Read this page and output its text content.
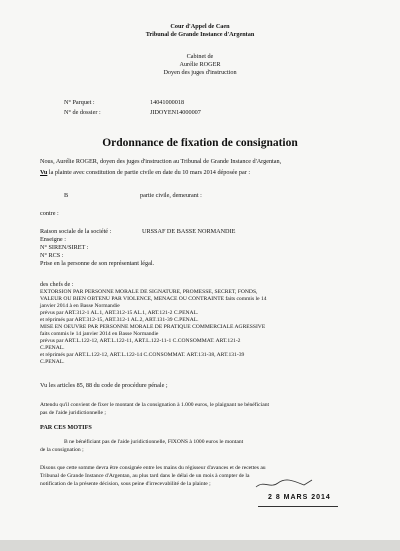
Cour d'Appel de Caen
Tribunal de Grande Instance d'Argentan
Cabinet de
Aurélie ROGER
Doyen des juges d'instruction
N° Parquet :	14041000018
N° de dossier :	JIDOYEN14000007
Ordonnance de fixation de consignation
Nous, Aurélie ROGER, doyen des juges d'instruction au Tribunal de Grande Instance d'Argentan,
Vu la plainte avec constitution de partie civile en date du 10 mars 2014 déposée par :
B	partie civile, demeurant :
contre :
Raison sociale de la société :	URSSAF DE BASSE NORMANDIE
Enseigne :
N° SIREN/SIRET :
N° RCS :
Prise en la personne de son représentant légal.
des chefs de :
EXTORSION PAR PERSONNE MORALE DE SIGNATURE, PROMESSE, SECRET, FONDS,
VALEUR OU BIEN OBTENU PAR VIOLENCE, MENACE OU CONTRAINTE faits commis le 14
janvier 2014 à en Basse Normandie
prévus par ART.312-1 AL.1, ART.312-15 AL.1, ART.121-2 C.PENAL.
et réprimés par ART.312-15, ART.312-1 AL.2, ART.131-39 C.PENAL.
MISE EN OEUVRE PAR PERSONNE MORALE DE PRATIQUE COMMERCIALE AGRESSIVE
faits commis le 14 janvier 2014 en Basse Normandie
prévus par ART.L.122-12, ART.L.122-11, ART.L.122-11-1 C.CONSOMMAT. ART.121-2
C.PENAL.
et réprimés par ART.L.122-12, ART.L.122-14 C.CONSOMMAT. ART.131-38, ART.131-39
C.PENAL.
Vu les articles 85, 88 du code de procédure pénale ;
Attendu qu'il convient de fixer le montant de la consignation à 1.000 euros, le plaignant ne bénéficiant
pas de l'aide juridictionnelle ;
PAR CES MOTIFS
B ne bénéficiant pas de l'aide juridictionnelle, FIXONS à 1000 euros le montant
de la consignation ;
Disons que cette somme devra être consignée entre les mains du régisseur d'avances et de recettes au
Tribunal de Grande Instance d'Argentan, au plus tard dans le délai de un mois à compter de la
notification de la présente décision, sous peine d'irrecevabilité de la plainte ;
2 8 MARS 2014
